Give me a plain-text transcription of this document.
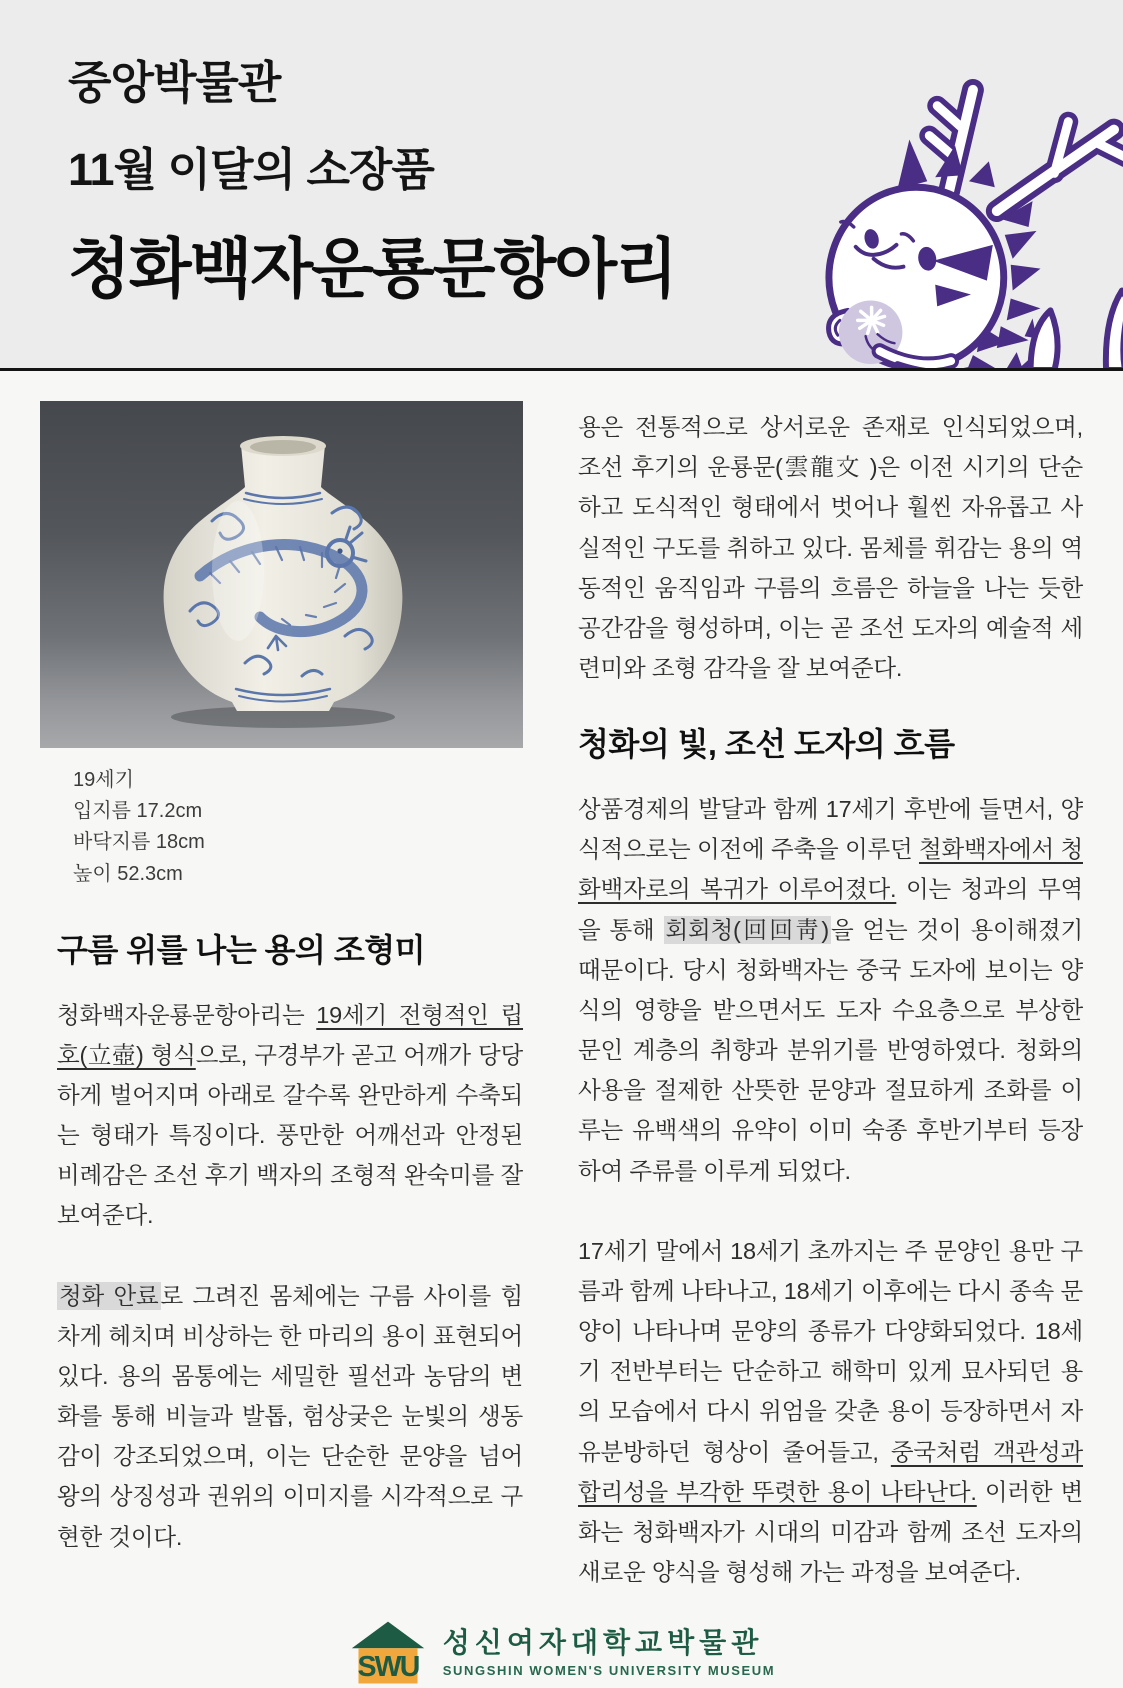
중앙박물관
11월 이달의 소장품
청화백자운룡문항아리
19세기
입지름 17.2cm
바닥지름 18cm
높이 52.3cm
구름 위를 나는 용의 조형미

청화백자운룡문항아리는 19세기 전형적인 립호(立壺) 형식으로, 구경부가 곧고 어깨가 당당하게 벌어지며 아래로 갈수록 완만하게 수축되는 형태가 특징이다. 풍만한 어깨선과 안정된 비례감은 조선 후기 백자의 조형적 완숙미를 잘 보여준다.

청화 안료로 그려진 몸체에는 구름 사이를 힘차게 헤치며 비상하는 한 마리의 용이 표현되어 있다. 용의 몸통에는 세밀한 필선과 농담의 변화를 통해 비늘과 발톱, 험상궂은 눈빛의 생동감이 강조되었으며, 이는 단순한 문양을 넘어 왕의 상징성과 권위의 이미지를 시각적으로 구현한 것이다.

용은 전통적으로 상서로운 존재로 인식되었으며, 조선 후기의 운룡문(雲龍文 )은 이전 시기의 단순하고 도식적인 형태에서 벗어나 훨씬 자유롭고 사실적인 구도를 취하고 있다. 몸체를 휘감는 용의 역동적인 움직임과 구름의 흐름은 하늘을 나는 듯한 공간감을 형성하며, 이는 곧 조선 도자의 예술적 세련미와 조형 감각을 잘 보여준다.

청화의 빛, 조선 도자의 흐름

상품경제의 발달과 함께 17세기 후반에 들면서, 양식적으로는 이전에 주축을 이루던 철화백자에서 청화백자로의 복귀가 이루어졌다. 이는 청과의 무역을 통해 회회청(回回靑)을 얻는 것이 용이해졌기 때문이다. 당시 청화백자는 중국 도자에 보이는 양식의 영향을 받으면서도 도자 수요층으로 부상한 문인 계층의 취향과 분위기를 반영하였다. 청화의 사용을 절제한 산뜻한 문양과 절묘하게 조화를 이루는 유백색의 유약이 이미 숙종 후반기부터 등장하여 주류를 이루게 되었다.

17세기 말에서 18세기 초까지는 주 문양인 용만 구름과 함께 나타나고, 18세기 이후에는 다시 종속 문양이 나타나며 문양의 종류가 다양화되었다. 18세기 전반부터는 단순하고 해학미 있게 묘사되던 용의 모습에서 다시 위엄을 갖춘 용이 등장하면서 자유분방하던 형상이 줄어들고, 중국처럼 객관성과 합리성을 부각한 뚜렷한 용이 나타난다. 이러한 변화는 청화백자가 시대의 미감과 함께 조선 도자의 새로운 양식을 형성해 가는 과정을 보여준다.

SWU
성신여자대학교박물관
SUNGSHIN WOMEN'S UNIVERSITY MUSEUM
